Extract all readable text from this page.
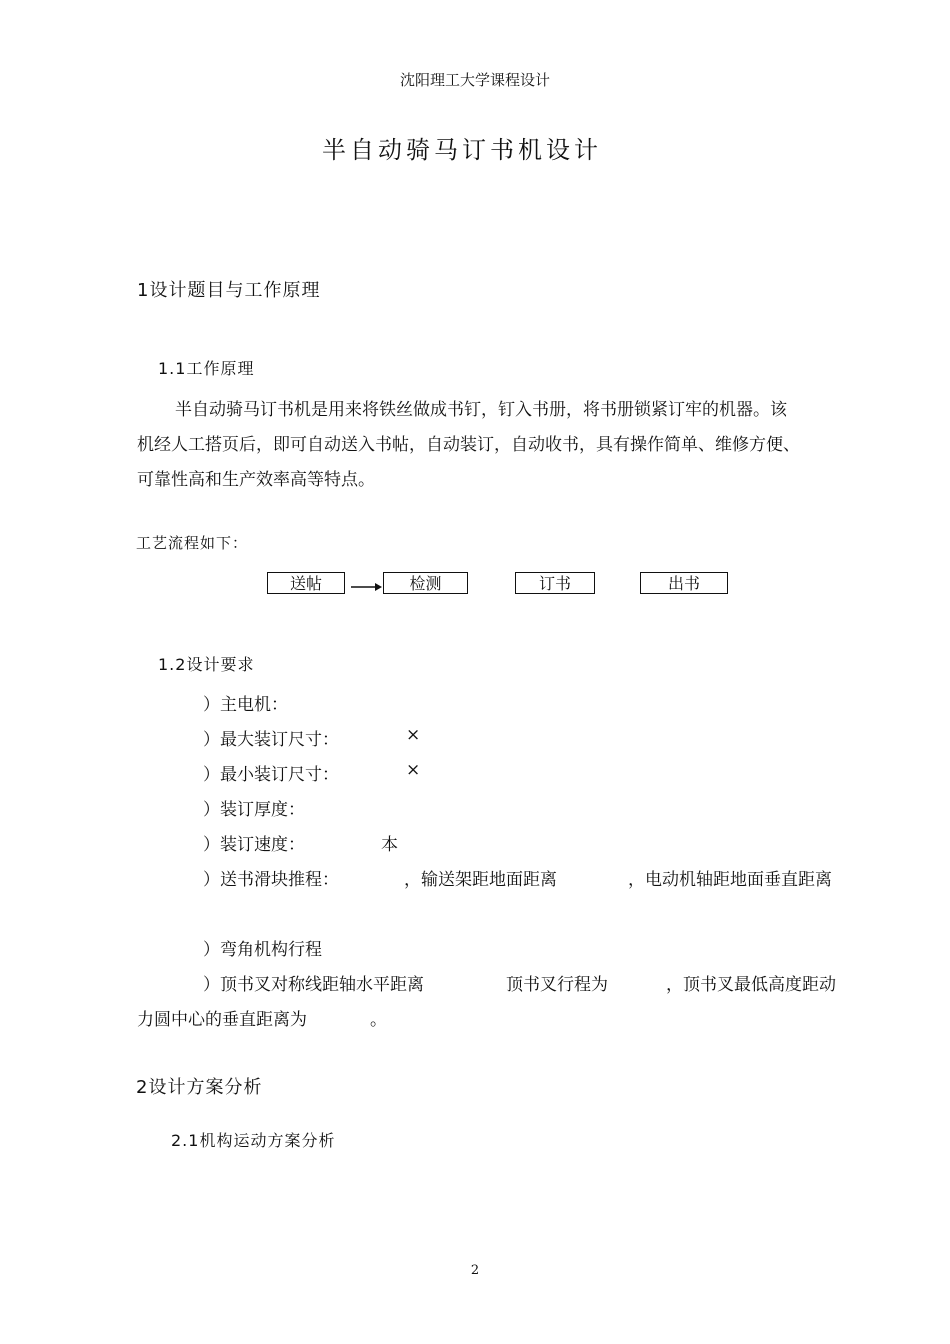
沈阳理工大学课程设计
半自动骑马订书机设计
1设计题目与工作原理
1.1工作原理
半自动骑马订书机是用来将铁丝做成书钉，钉入书册，将书册锁紧订牢的机器。该
机经人工搭页后，即可自动送入书帖，自动装订，自动收书，具有操作简单、维修方便、
可靠性高和生产效率高等特点。
工艺流程如下：
送帖	检测	订书	出书
1.2设计要求
）主电机：
）最大装订尺寸：	×
）最小装订尺寸：	×
）装订厚度：
）装订速度：	本
）送书滑块推程：	，输送架距地面距离	，电动机轴距地面垂直距离
）弯角机构行程
）顶书叉对称线距轴水平距离	顶书叉行程为	，顶书叉最低高度距动
力圆中心的垂直距离为	。
2设计方案分析
2.1机构运动方案分析
2
